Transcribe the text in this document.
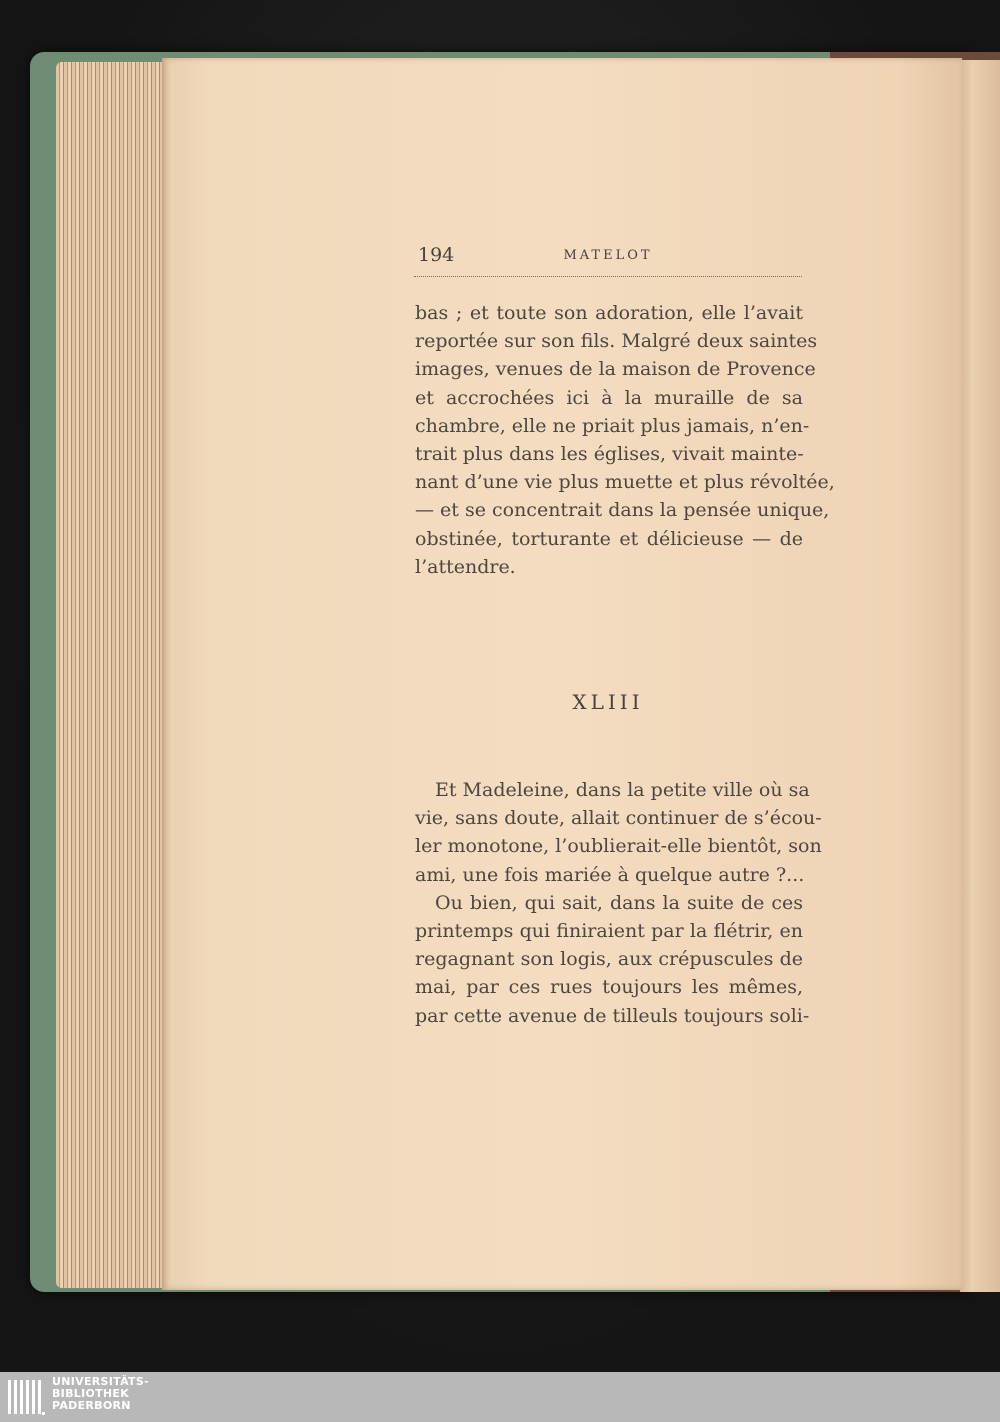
194	MATELOT
bas ; et toute son adoration, elle l’avait
reportée sur son fils. Malgré deux saintes
images, venues de la maison de Provence
et accrochées ici à la muraille de sa
chambre, elle ne priait plus jamais, n’en-
trait plus dans les églises, vivait mainte-
nant d’une vie plus muette et plus révoltée,
— et se concentrait dans la pensée unique,
obstinée, torturante et délicieuse — de
l’attendre.
XLIII
Et Madeleine, dans la petite ville où sa
vie, sans doute, allait continuer de s’écou-
ler monotone, l’oublierait-elle bientôt, son
ami, une fois mariée à quelque autre ?...
Ou bien, qui sait, dans la suite de ces
printemps qui finiraient par la flétrir, en
regagnant son logis, aux crépuscules de
mai, par ces rues toujours les mêmes,
par cette avenue de tilleuls toujours soli-
UNIVERSITÄTS-
BIBLIOTHEK
PADERBORN
